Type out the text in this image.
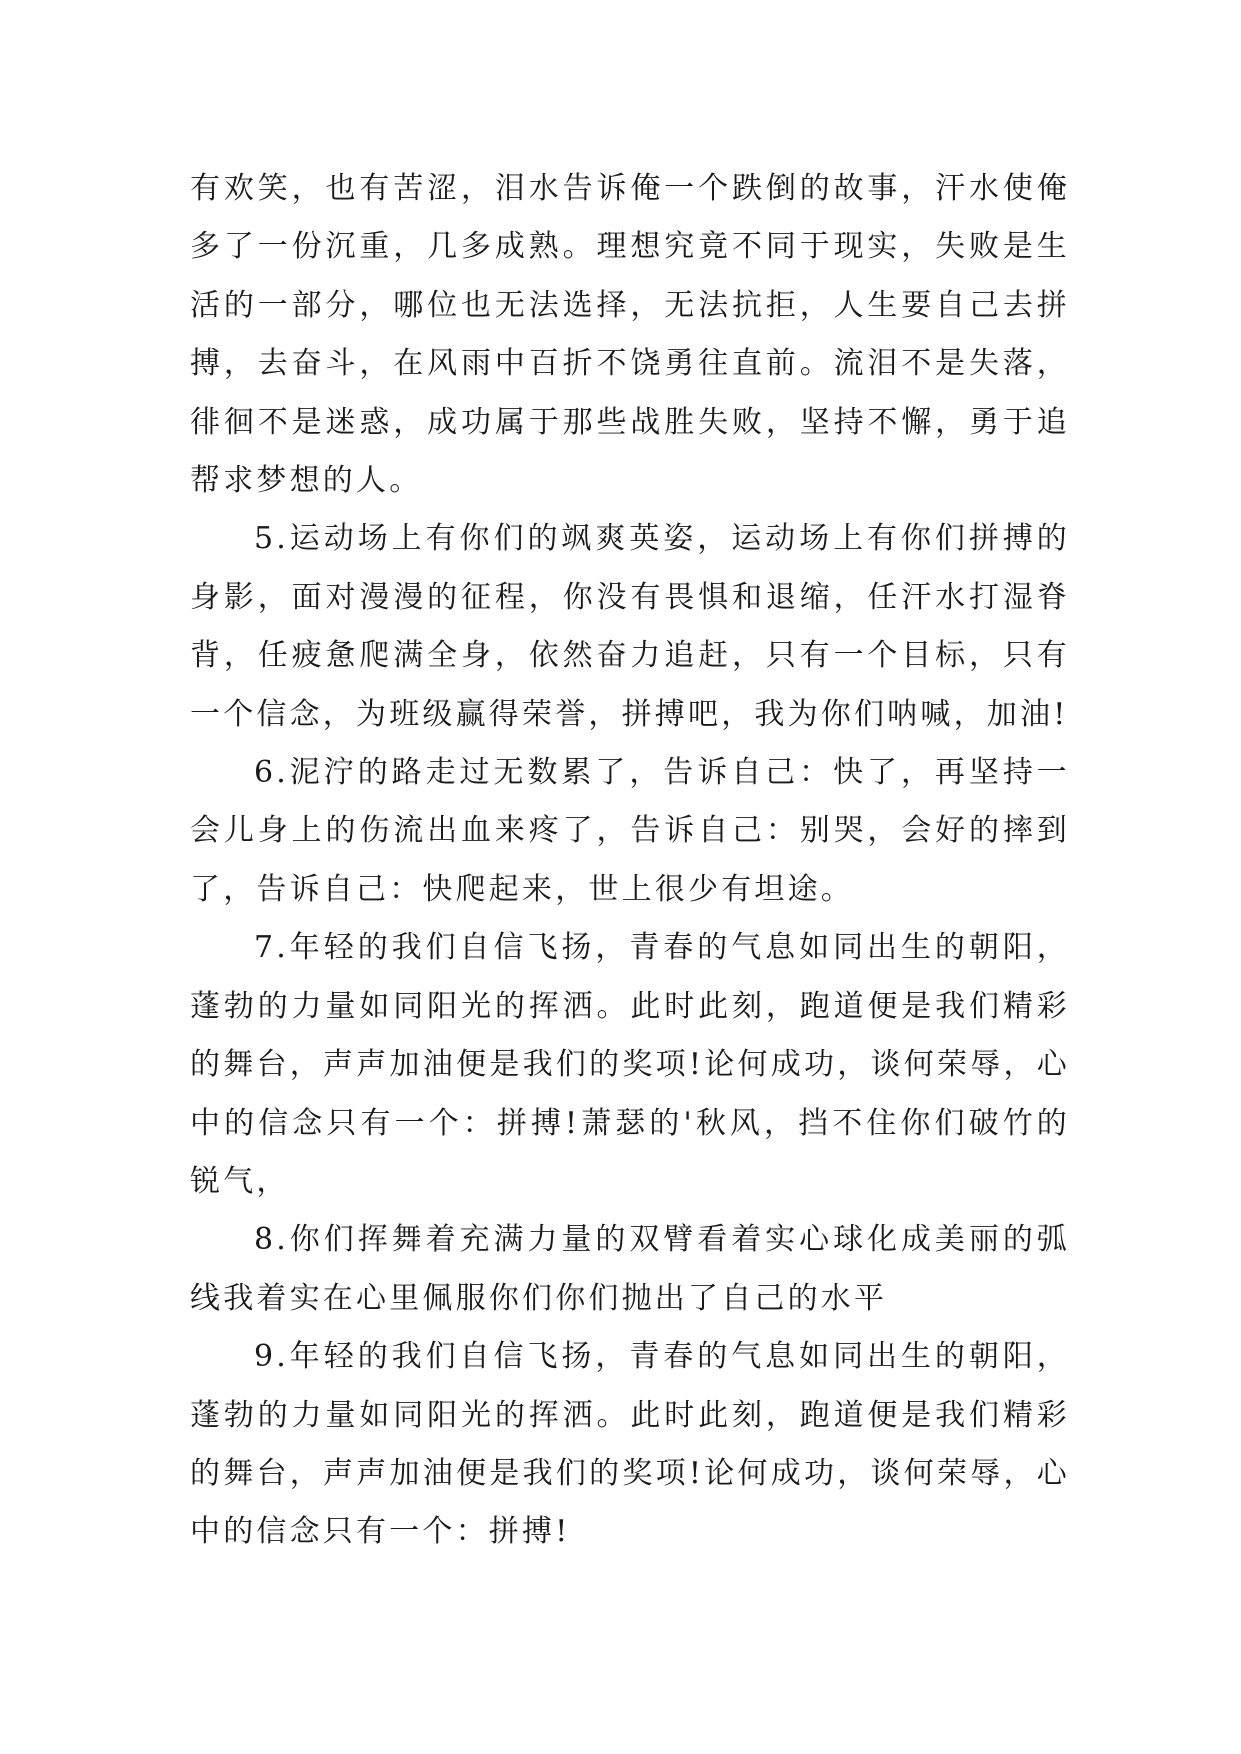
有欢笑，也有苦涩，泪水告诉俺一个跌倒的故事，汗水使俺多了一份沉重，几多成熟。理想究竟不同于现实，失败是生活的一部分，哪位也无法选择，无法抗拒，人生要自己去拼搏，去奋斗，在风雨中百折不饶勇往直前。流泪不是失落，徘徊不是迷惑，成功属于那些战胜失败，坚持不懈，勇于追帮求梦想的人。

5.运动场上有你们的飒爽英姿，运动场上有你们拼搏的身影，面对漫漫的征程，你没有畏惧和退缩，任汗水打湿脊背，任疲惫爬满全身，依然奋力追赶，只有一个目标，只有一个信念，为班级赢得荣誉，拼搏吧，我为你们呐喊，加油!

6.泥泞的路走过无数累了，告诉自己：快了，再坚持一会儿身上的伤流出血来疼了，告诉自己：别哭，会好的摔到了，告诉自己：快爬起来，世上很少有坦途。

7.年轻的我们自信飞扬，青春的气息如同出生的朝阳，蓬勃的力量如同阳光的挥洒。此时此刻，跑道便是我们精彩的舞台，声声加油便是我们的奖项!论何成功，谈何荣辱，心中的信念只有一个：拼搏!萧瑟的'秋风，挡不住你们破竹的锐气，

8.你们挥舞着充满力量的双臂看着实心球化成美丽的弧线我着实在心里佩服你们你们抛出了自己的水平

9.年轻的我们自信飞扬，青春的气息如同出生的朝阳，蓬勃的力量如同阳光的挥洒。此时此刻，跑道便是我们精彩的舞台，声声加油便是我们的奖项!论何成功，谈何荣辱，心中的信念只有一个：拼搏!
